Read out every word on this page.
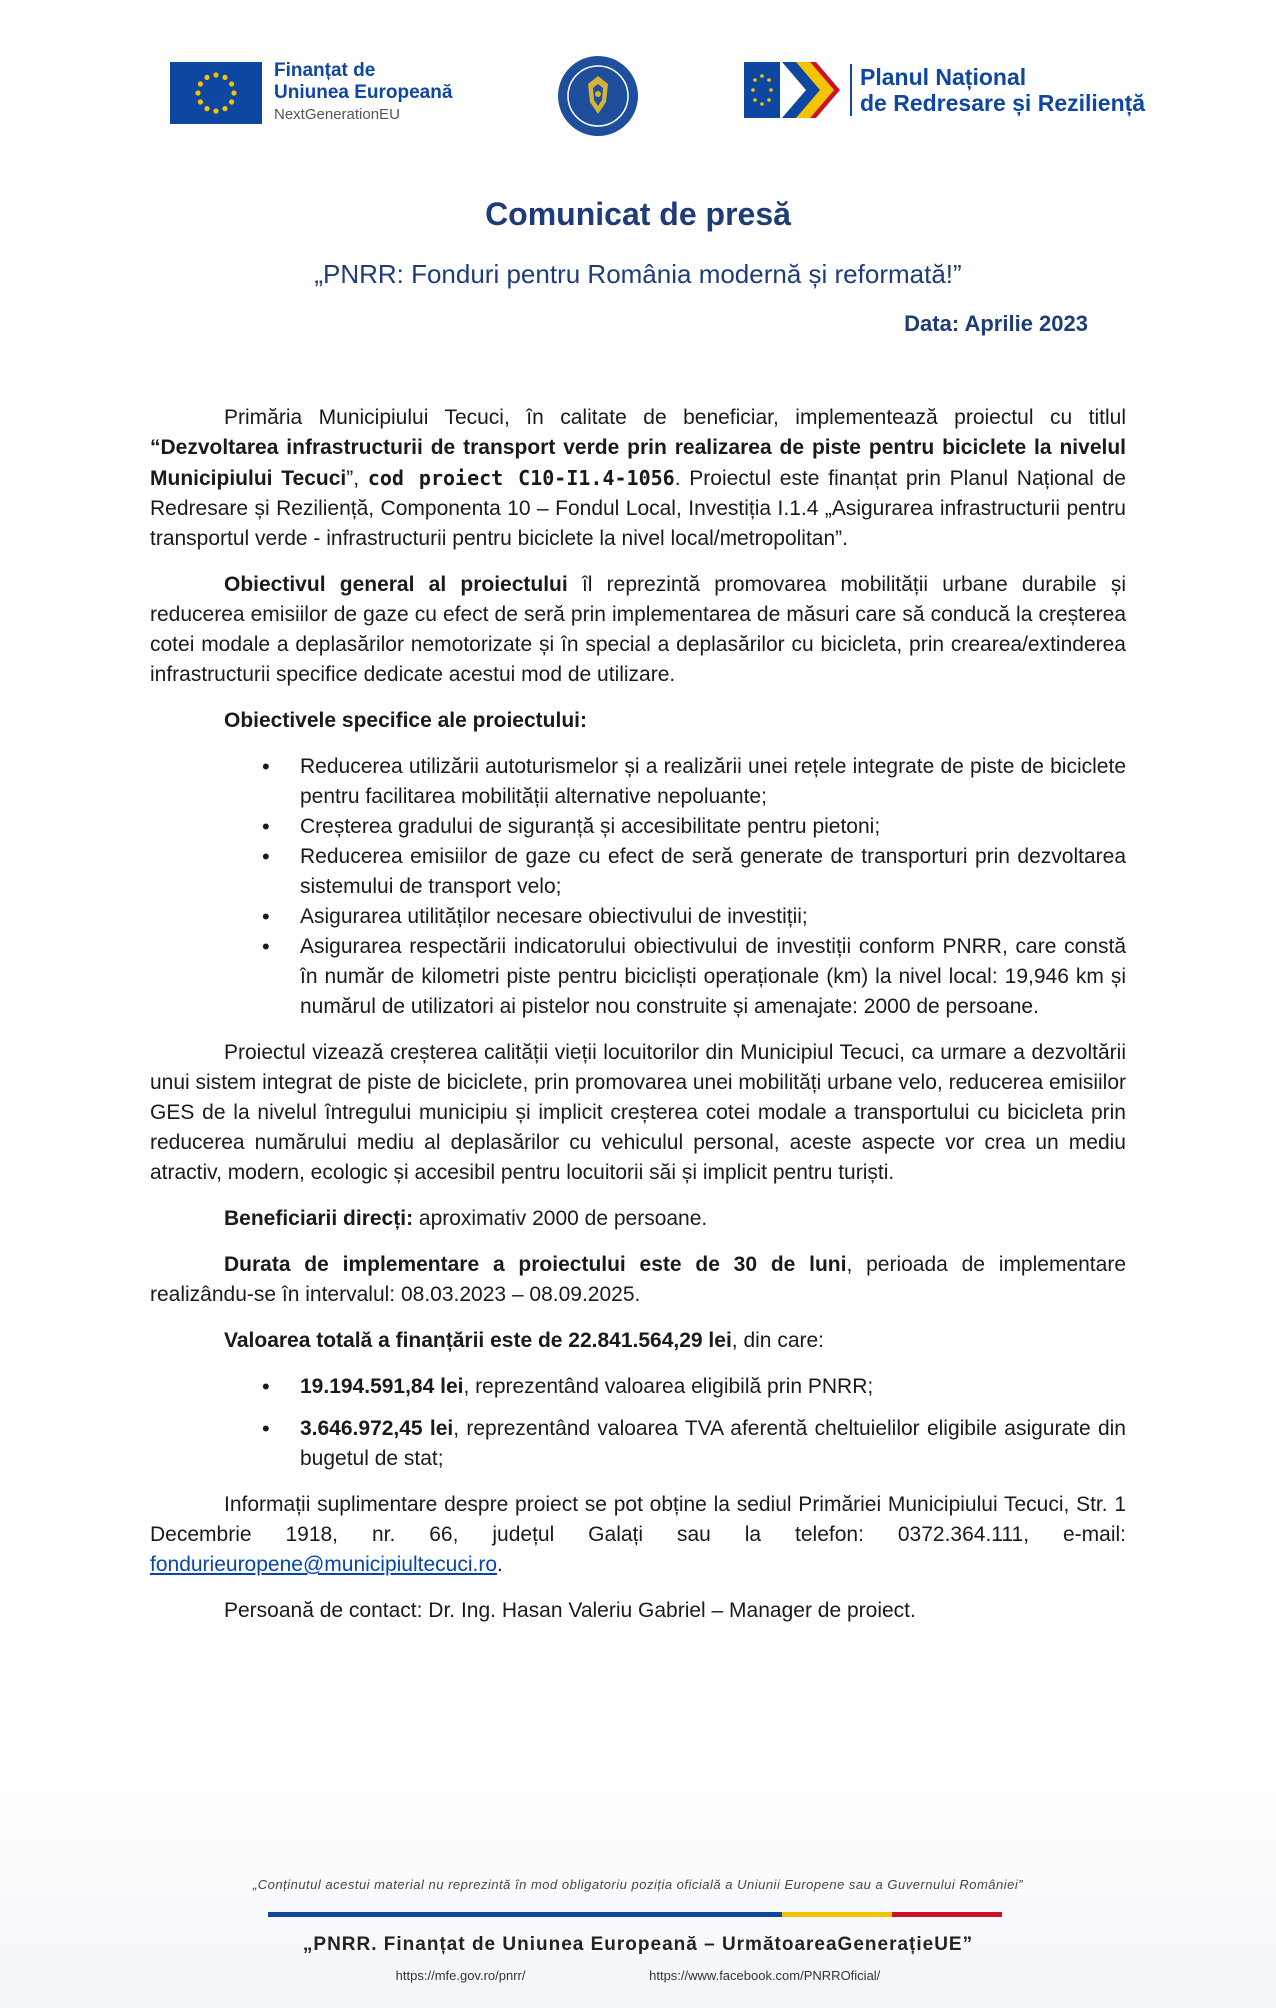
Finanțat de
Uniunea Europeană
NextGenerationEU
Planul Național
de Redresare și Reziliență
Comunicat de presă
„PNRR: Fonduri pentru România modernă și reformată!”
Data: Aprilie 2023

Primăria Municipiului Tecuci, în calitate de beneficiar, implementează proiectul cu titlul “Dezvoltarea infrastructurii de transport verde prin realizarea de piste pentru biciclete la nivelul Municipiului Tecuci”, cod proiect C10-I1.4-1056. Proiectul este finanțat prin Planul Național de Redresare și Reziliență, Componenta 10 – Fondul Local, Investiția I.1.4 „Asigurarea infrastructurii pentru transportul verde - infrastructurii pentru biciclete la nivel local/metropolitan”.

Obiectivul general al proiectului îl reprezintă promovarea mobilității urbane durabile și reducerea emisiilor de gaze cu efect de seră prin implementarea de măsuri care să conducă la creșterea cotei modale a deplasărilor nemotorizate și în special a deplasărilor cu bicicleta, prin crearea/extinderea infrastructurii specifice dedicate acestui mod de utilizare.

Obiectivele specifice ale proiectului:

• Reducerea utilizării autoturismelor și a realizării unei rețele integrate de piste de biciclete pentru facilitarea mobilității alternative nepoluante;
• Creșterea gradului de siguranță și accesibilitate pentru pietoni;
• Reducerea emisiilor de gaze cu efect de seră generate de transporturi prin dezvoltarea sistemului de transport velo;
• Asigurarea utilităților necesare obiectivului de investiții;
• Asigurarea respectării indicatorului obiectivului de investiții conform PNRR, care constă în număr de kilometri piste pentru bicicliști operaționale (km) la nivel local: 19,946 km și numărul de utilizatori ai pistelor nou construite și amenajate: 2000 de persoane.

Proiectul vizează creșterea calității vieții locuitorilor din Municipiul Tecuci, ca urmare a dezvoltării unui sistem integrat de piste de biciclete, prin promovarea unei mobilități urbane velo, reducerea emisiilor GES de la nivelul întregului municipiu și implicit creșterea cotei modale a transportului cu bicicleta prin reducerea numărului mediu al deplasărilor cu vehiculul personal, aceste aspecte vor crea un mediu atractiv, modern, ecologic și accesibil pentru locuitorii săi și implicit pentru turiști.

Beneficiarii direcți: aproximativ 2000 de persoane.

Durata de implementare a proiectului este de 30 de luni, perioada de implementare realizându-se în intervalul: 08.03.2023 – 08.09.2025.

Valoarea totală a finanțării este de 22.841.564,29 lei, din care:

• 19.194.591,84 lei, reprezentând valoarea eligibilă prin PNRR;
• 3.646.972,45 lei, reprezentând valoarea TVA aferentă cheltuielilor eligibile asigurate din bugetul de stat;

Informații suplimentare despre proiect se pot obține la sediul Primăriei Municipiului Tecuci, Str. 1 Decembrie 1918, nr. 66, județul Galați sau la telefon: 0372.364.111, e-mail: fondurieuropene@municipiultecuci.ro.

Persoană de contact: Dr. Ing. Hasan Valeriu Gabriel – Manager de proiect.

„Conținutul acestui material nu reprezintă în mod obligatoriu poziția oficială a Uniunii Europene sau a Guvernului României”
„PNRR. Finanțat de Uniunea Europeană – UrmătoareaGenerațieUE”
https://mfe.gov.ro/pnrr/	https://www.facebook.com/PNRROficial/
